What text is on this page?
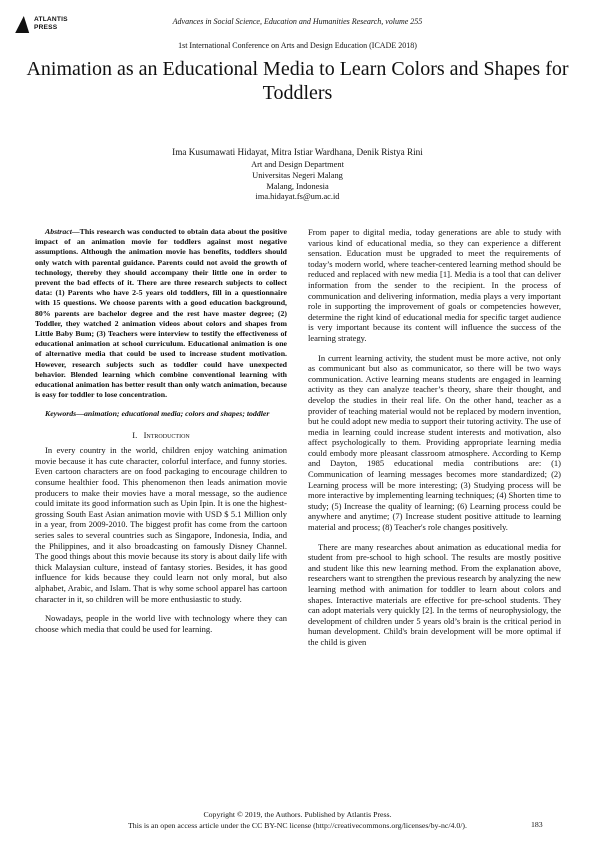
ATLANTIS
PRESS
Advances in Social Science, Education and Humanities Research, volume 255
1st International Conference on Arts and Design Education (ICADE 2018)
Animation as an Educational Media to Learn Colors and Shapes for Toddlers
Ima Kusumawati Hidayat, Mitra Istiar Wardhana, Denik Ristya Rini
Art and Design Department
Universitas Negeri Malang
Malang, Indonesia
ima.hidayat.fs@um.ac.id

Abstract—This research was conducted to obtain data about the positive impact of an animation movie for toddlers against most negative assumptions. Although the animation movie has benefits, toddlers should only watch with parental guidance. Parents could not avoid the growth of technology, thereby they should accompany their little one in order to prevent the bad effects of it. There are three research subjects to collect data: (1) Parents who have 2-5 years old toddlers, fill in a questionnaire with 15 questions. We choose parents with a good education background, 80% parents are bachelor degree and the rest have master degree; (2) Toddler, they watched 2 animation videos about colors and shapes from Little Baby Bum; (3) Teachers were interview to testify the effectiveness of educational animation at school curriculum. Educational animation is one of alternative media that could be used to increase student motivation. However, research subjects such as toddler could have unexpected behavior. Blended learning which combine conventional learning with educational animation has better result than only watch animation, because is easy for toddler to lose concentration.

Keywords—animation; educational media; colors and shapes; toddler

I. Introduction

In every country in the world, children enjoy watching animation movie because it has cute character, colorful interface, and funny stories. Even cartoon characters are on food packaging to encourage children to consume healthier food. This phenomenon then leads animation movie producers to make their movies have a moral message, so the audience could imitate its good information such as Upin Ipin. It is one the highest-grossing South East Asian animation movie with USD $ 5.1 Million only in a year, from 2009-2010. The biggest profit has come from the cartoon series sales to several countries such as Singapore, Indonesia, India, and the Philippines, and it also broadcasting on famously Disney Channel. The good things about this movie because its story is about daily life with thick Malaysian culture, instead of fantasy stories. Besides, it has good influence for kids because they could learn not only moral, but also alphabet, Arabic, and Islam. That is why some school apparel has cartoon character in it, so children will be more enthusiastic to study.

Nowadays, people in the world live with technology where they can choose which media that could be used for learning.

From paper to digital media, today generations are able to study with various kind of educational media, so they can experience a different sensation. Education must be upgraded to meet the requirements of today’s modern world, where teacher-centered learning method should be reduced and replaced with new media [1]. Media is a tool that can deliver information from the sender to the recipient. In the process of communication and delivering information, media plays a very important role in supporting the improvement of goals or competencies however, determine the right kind of educational media for specific target audience is very important because its content will influence the success of the learning strategy.

In current learning activity, the student must be more active, not only as communicant but also as communicator, so there will be two ways communication. Active learning means students are engaged in learning activity as they can analyze teacher’s theory, share their thought, and develop the studies in their real life. On the other hand, teacher as a provider of teaching material would not be replaced by modern invention, but he could adopt new media to support their tutoring activity. The use of media in learning could increase student interests and motivation, also affect psychologically to them. Providing appropriate learning media could embody more pleasant classroom atmosphere. According to Kemp and Dayton, 1985 educational media contributions are: (1) Communication of learning messages becomes more standardized; (2) Learning process will be more interesting; (3) Studying process will be more interactive by implementing learning techniques; (4) Shorten time to study; (5) Increase the quality of learning; (6) Learning process could be anywhere and anytime; (7) Increase student positive attitude to learning material and process; (8) Teacher's role changes positively.

There are many researches about animation as educational media for student from pre-school to high school. The results are mostly positive and student like this new learning method. From the explanation above, researchers want to strengthen the previous research by analyzing the new learning method with animation for toddler to learn about colors and shapes. Interactive materials are effective for pre-school students. They can adopt materials very quickly [2]. In the terms of neurophysiology, the development of children under 5 years old’s brain is the critical period in human development. Child's brain development will be more optimal if the child is given

Copyright © 2019, the Authors. Published by Atlantis Press.
This is an open access article under the CC BY-NC license (http://creativecommons.org/licenses/by-nc/4.0/).	183
